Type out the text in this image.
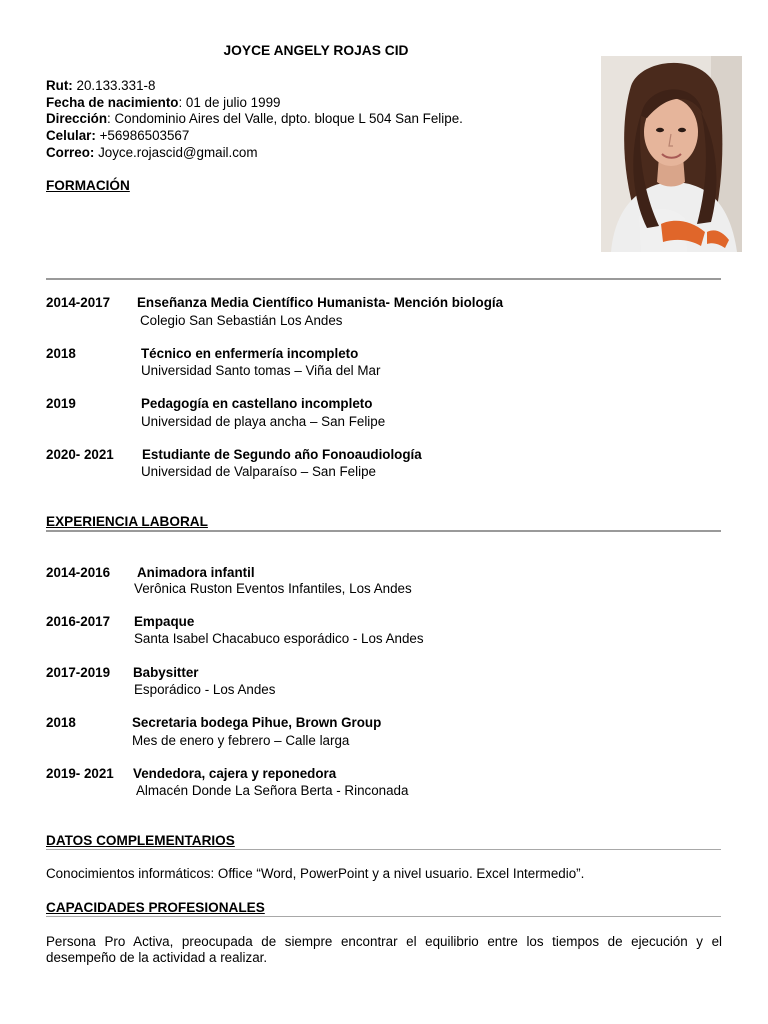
JOYCE ANGELY ROJAS CID
Rut: 20.133.331-8
Fecha de nacimiento: 01 de julio 1999
Dirección: Condominio Aires del Valle, dpto. bloque L 504 San Felipe.
Celular: +56986503567
Correo: Joyce.rojascid@gmail.com
FORMACIÓN
2014-2017 Enseñanza Media Científico Humanista- Mención biología
Colegio San Sebastián Los Andes
2018	Técnico en enfermería incompleto
Universidad Santo tomas – Viña del Mar
2019	Pedagogía en castellano incompleto
Universidad de playa ancha – San Felipe
2020- 2021 Estudiante de Segundo año Fonoaudiología
Universidad de Valparaíso – San Felipe
EXPERIENCIA LABORAL
2014-2016 Animadora infantil
Verônica Ruston Eventos Infantiles, Los Andes
2016-2017 Empaque
Santa Isabel Chacabuco esporádico - Los Andes
2017-2019 Babysitter
Esporádico - Los Andes
2018	Secretaria bodega Pihue, Brown Group
Mes de enero y febrero – Calle larga
2019- 2021 Vendedora, cajera y reponedora
Almacén Donde La Señora Berta - Rinconada
DATOS COMPLEMENTARIOS
Conocimientos informáticos: Office “Word, PowerPoint y a nivel usuario. Excel Intermedio”.
CAPACIDADES PROFESIONALES
Persona Pro Activa, preocupada de siempre encontrar el equilibrio entre los tiempos de ejecución y el desempeño de la actividad a realizar.
